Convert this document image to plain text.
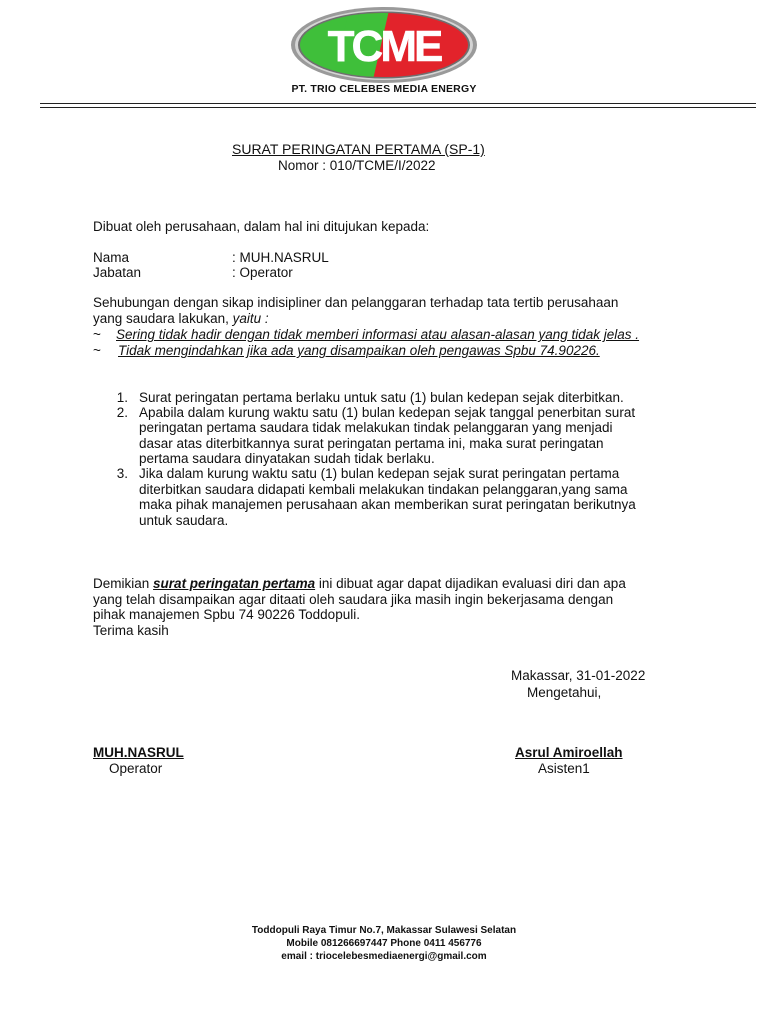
TCME
PT. TRIO CELEBES MEDIA ENERGY
SURAT PERINGATAN PERTAMA (SP-1)
Nomor : 010/TCME/I/2022
Dibuat oleh perusahaan, dalam hal ini ditujukan kepada:
Nama	: MUH.NASRUL
Jabatan	: Operator
Sehubungan dengan sikap indisipliner dan pelanggaran terhadap tata tertib perusahaan
yang saudara lakukan, yaitu :
~ Sering tidak hadir dengan tidak memberi informasi atau alasan-alasan yang tidak jelas .
~ Tidak mengindahkan jika ada yang disampaikan oleh pengawas Spbu 74.90226.
1. Surat peringatan pertama berlaku untuk satu (1) bulan kedepan sejak diterbitkan.
2. Apabila dalam kurung waktu satu (1) bulan kedepan sejak tanggal penerbitan surat
peringatan pertama saudara tidak melakukan tindak pelanggaran yang menjadi
dasar atas diterbitkannya surat peringatan pertama ini, maka surat peringatan
pertama saudara dinyatakan sudah tidak berlaku.
3. Jika dalam kurung waktu satu (1) bulan kedepan sejak surat peringatan pertama
diterbitkan saudara didapati kembali melakukan tindakan pelanggaran,yang sama
maka pihak manajemen perusahaan akan memberikan surat peringatan berikutnya
untuk saudara.
Demikian surat peringatan pertama ini dibuat agar dapat dijadikan evaluasi diri dan apa
yang telah disampaikan agar ditaati oleh saudara jika masih ingin bekerjasama dengan
pihak manajemen Spbu 74 90226 Toddopuli.
Terima kasih
Makassar, 31-01-2022
Mengetahui,
MUH.NASRUL
Operator
Asrul Amiroellah
Asisten1
Toddopuli Raya Timur No.7, Makassar Sulawesi Selatan
Mobile 081266697447 Phone 0411 456776
email : triocelebesmediaenergi@gmail.com
